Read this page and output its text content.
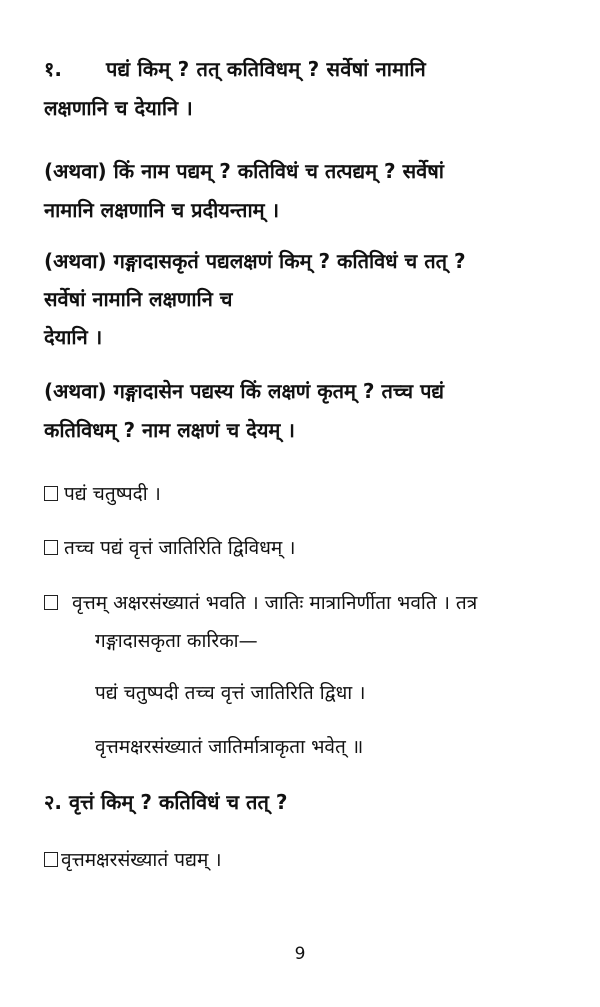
१. पद्यं किम् ? तत् कतिविधम् ? सर्वेषां नामानि
लक्षणानि च देयानि ।
(अथवा) किं नाम पद्यम् ? कतिविधं च तत्पद्यम् ? सर्वेषां
नामानि लक्षणानि च प्रदीयन्ताम् ।
(अथवा) गङ्गादासकृतं पद्यलक्षणं किम् ? कतिविधं च तत् ?
सर्वेषां नामानि लक्षणानि च
देयानि ।
(अथवा) गङ्गादासेन पद्यस्य किं लक्षणं कृतम् ? तच्च पद्यं
कतिविधम् ? नाम लक्षणं च देयम् ।
पद्यं चतुष्पदी ।
तच्च पद्यं वृत्तं जातिरिति द्विविधम् ।
वृत्तम् अक्षरसंख्यातं भवति । जातिः मात्रानिर्णीता भवति । तत्र
गङ्गादासकृता कारिका—
पद्यं चतुष्पदी तच्च वृत्तं जातिरिति द्विधा ।
वृत्तमक्षरसंख्यातं जातिर्मात्राकृता भवेत् ॥
२. वृत्तं किम् ? कतिविधं च तत् ?
वृत्तमक्षरसंख्यातं पद्यम् ।
9
